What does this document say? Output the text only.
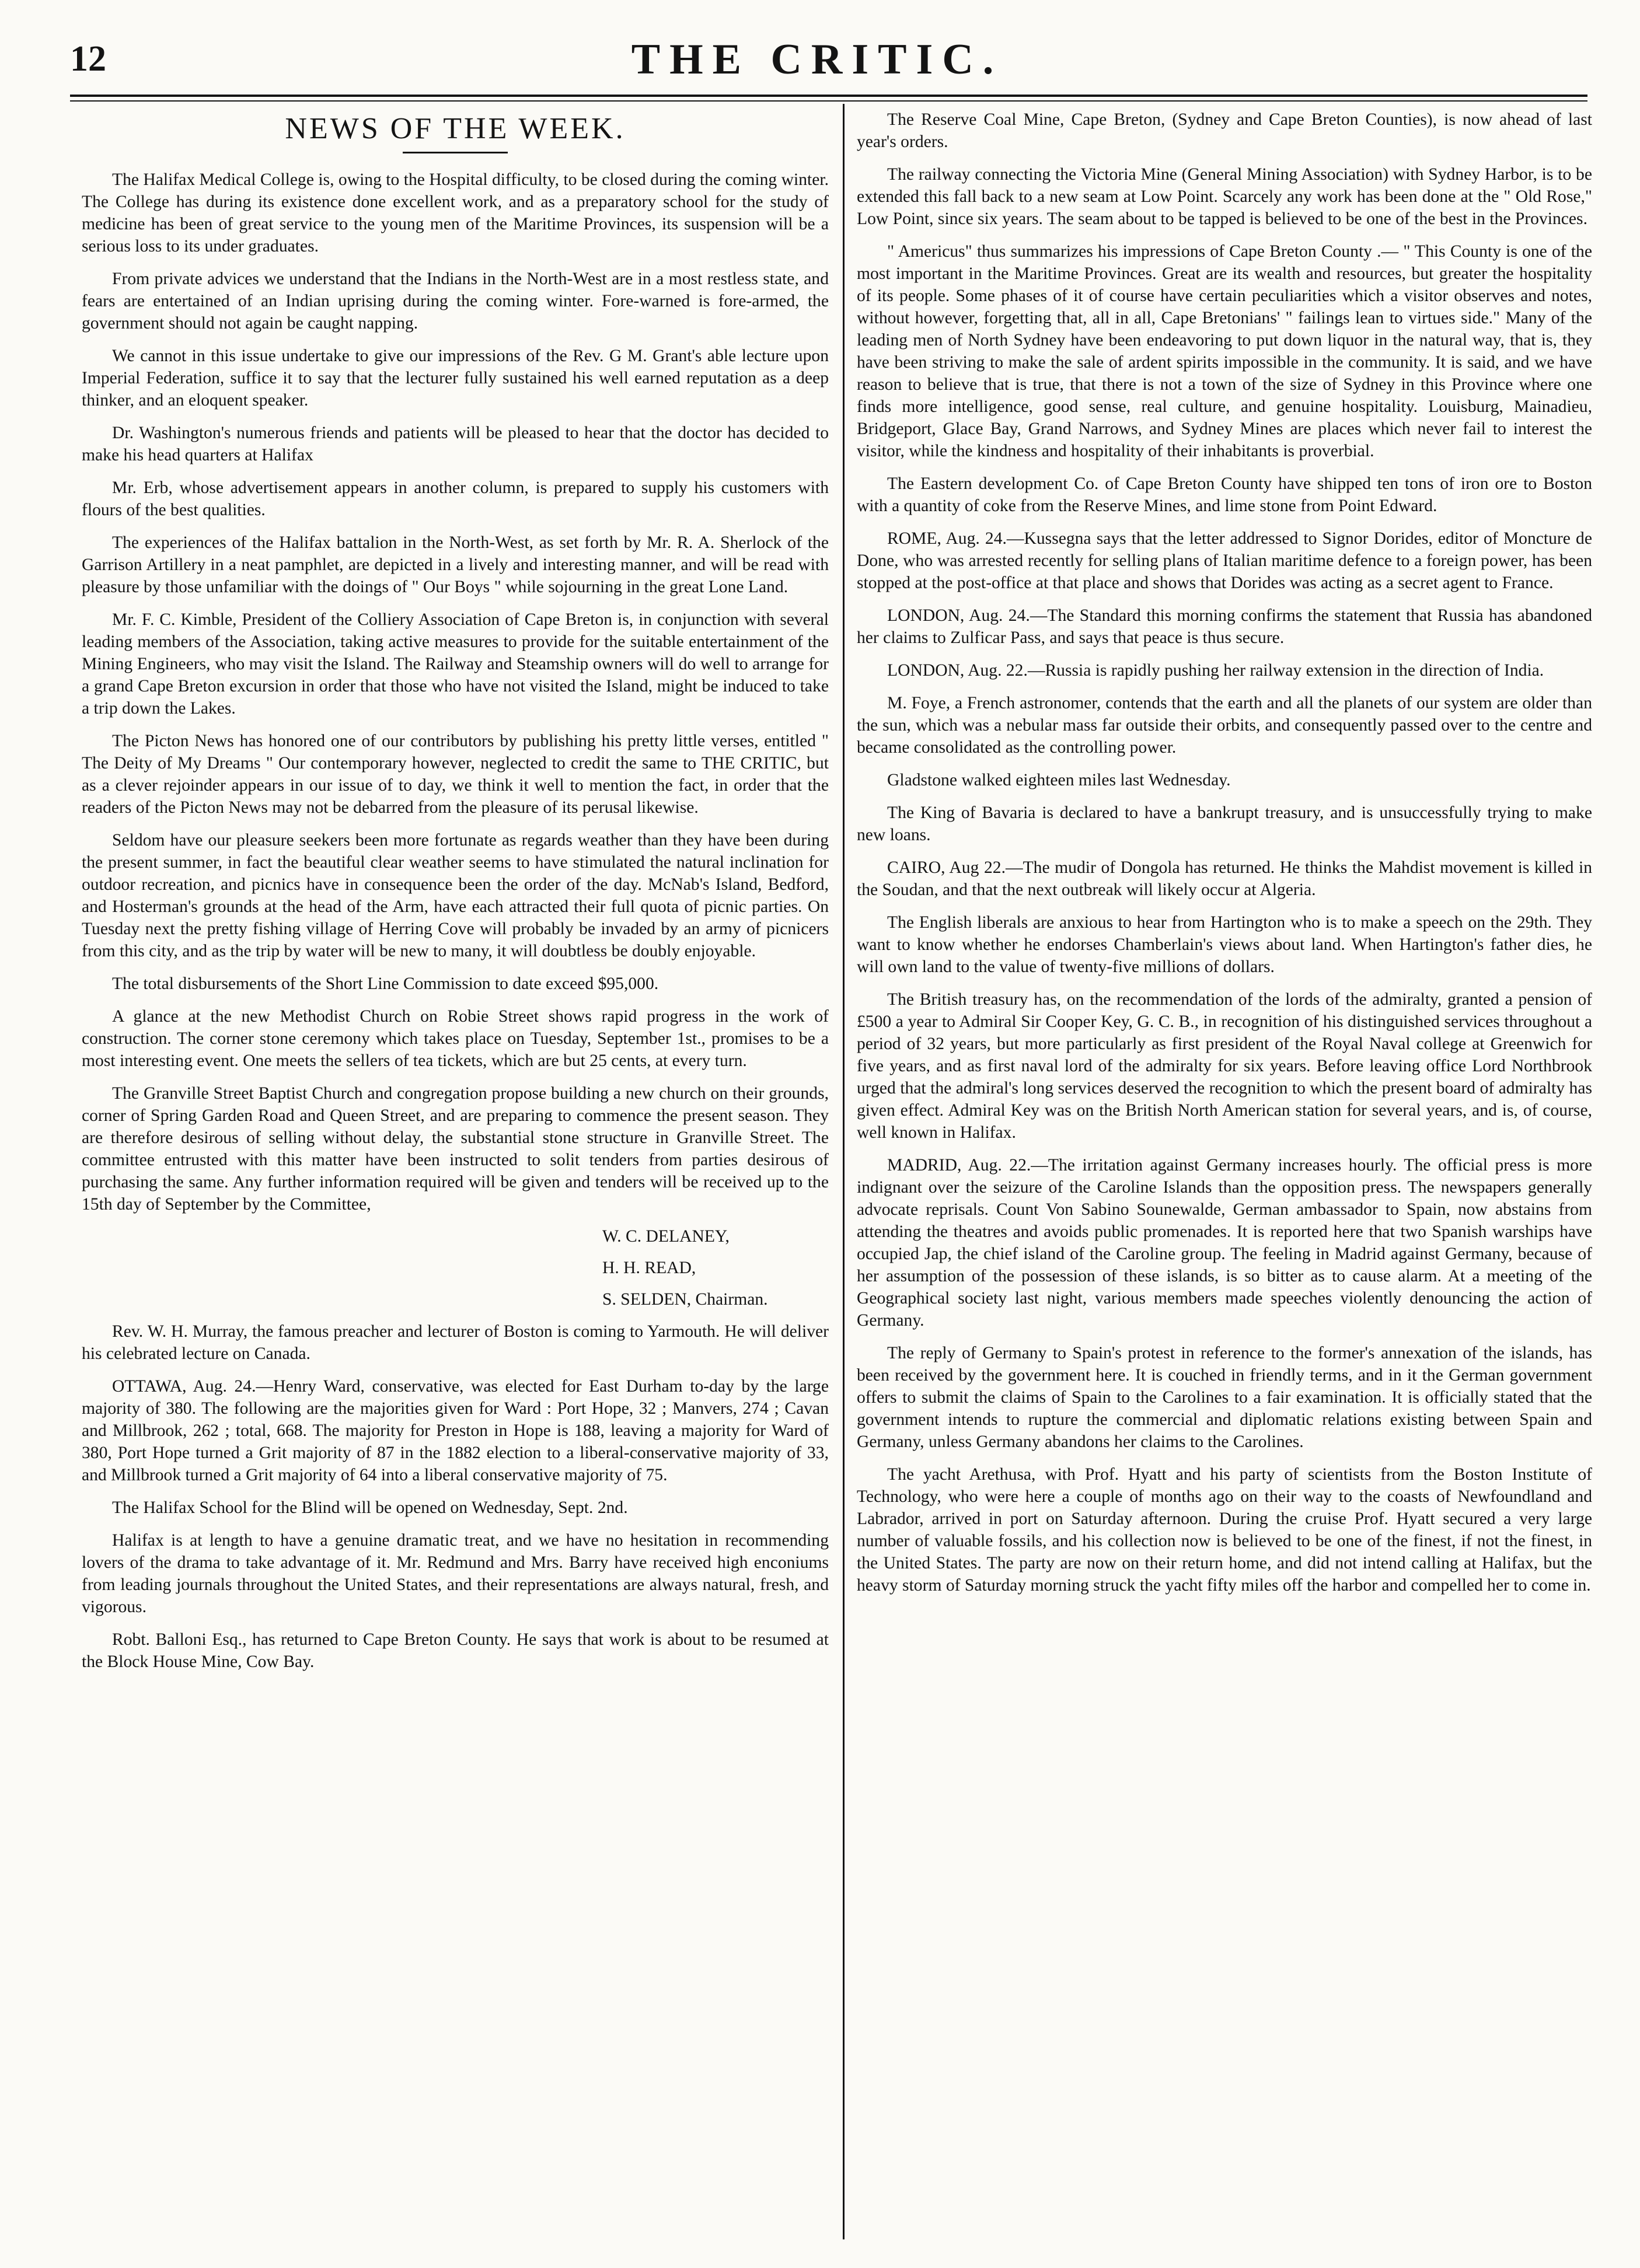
12	THE CRITIC.
NEWS OF THE WEEK.

The Halifax Medical College is, owing to the Hospital difficulty, to be closed during the coming winter. The College has during its existence done excellent work, and as a preparatory school for the study of medicine has been of great service to the young men of the Maritime Provinces, its suspension will be a serious loss to its under graduates.

From private advices we understand that the Indians in the North-West are in a most restless state, and fears are entertained of an Indian uprising during the coming winter. Fore-warned is fore-armed, the government should not again be caught napping.

We cannot in this issue undertake to give our impressions of the Rev. G M. Grant's able lecture upon Imperial Federation, suffice it to say that the lecturer fully sustained his well earned reputation as a deep thinker, and an eloquent speaker.

Dr. Washington's numerous friends and patients will be pleased to hear that the doctor has decided to make his head quarters at Halifax

Mr. Erb, whose advertisement appears in another column, is prepared to supply his customers with flours of the best qualities.

The experiences of the Halifax battalion in the North-West, as set forth by Mr. R. A. Sherlock of the Garrison Artillery in a neat pamphlet, are depicted in a lively and interesting manner, and will be read with pleasure by those unfamiliar with the doings of " Our Boys " while sojourning in the great Lone Land.

Mr. F. C. Kimble, President of the Colliery Association of Cape Breton is, in conjunction with several leading members of the Association, taking active measures to provide for the suitable entertainment of the Mining Engineers, who may visit the Island. The Railway and Steamship owners will do well to arrange for a grand Cape Breton excursion in order that those who have not visited the Island, might be induced to take a trip down the Lakes.

The Picton News has honored one of our contributors by publishing his pretty little verses, entitled " The Deity of My Dreams " Our contemporary however, neglected to credit the same to THE CRITIC, but as a clever rejoinder appears in our issue of to day, we think it well to mention the fact, in order that the readers of the Picton News may not be debarred from the pleasure of its perusal likewise.

Seldom have our pleasure seekers been more fortunate as regards weather than they have been during the present summer, in fact the beautiful clear weather seems to have stimulated the natural inclination for outdoor recreation, and picnics have in consequence been the order of the day. McNab's Island, Bedford, and Hosterman's grounds at the head of the Arm, have each attracted their full quota of picnic parties. On Tuesday next the pretty fishing village of Herring Cove will probably be invaded by an army of picnicers from this city, and as the trip by water will be new to many, it will doubtless be doubly enjoyable.

The total disbursements of the Short Line Commission to date exceed $95,000.

A glance at the new Methodist Church on Robie Street shows rapid progress in the work of construction. The corner stone ceremony which takes place on Tuesday, September 1st., promises to be a most interesting event. One meets the sellers of tea tickets, which are but 25 cents, at every turn.

The Granville Street Baptist Church and congregation propose building a new church on their grounds, corner of Spring Garden Road and Queen Street, and are preparing to commence the present season. They are therefore desirous of selling without delay, the substantial stone structure in Granville Street. The committee entrusted with this matter have been instructed to solit tenders from parties desirous of purchasing the same. Any further information required will be given and tenders will be received up to the 15th day of September by the Committee,

W. C. DELANEY,

H. H. READ,

S. SELDEN, Chairman.

Rev. W. H. Murray, the famous preacher and lecturer of Boston is coming to Yarmouth. He will deliver his celebrated lecture on Canada.

OTTAWA, Aug. 24.—Henry Ward, conservative, was elected for East Durham to-day by the large majority of 380. The following are the majorities given for Ward : Port Hope, 32 ; Manvers, 274 ; Cavan and Millbrook, 262 ; total, 668. The majority for Preston in Hope is 188, leaving a majority for Ward of 380, Port Hope turned a Grit majority of 87 in the 1882 election to a liberal-conservative majority of 33, and Millbrook turned a Grit majority of 64 into a liberal conservative majority of 75.

The Halifax School for the Blind will be opened on Wednesday, Sept. 2nd.

Halifax is at length to have a genuine dramatic treat, and we have no hesitation in recommending lovers of the drama to take advantage of it. Mr. Redmund and Mrs. Barry have received high enconiums from leading journals throughout the United States, and their representations are always natural, fresh, and vigorous.

Robt. Balloni Esq., has returned to Cape Breton County. He says that work is about to be resumed at the Block House Mine, Cow Bay.

The Reserve Coal Mine, Cape Breton, (Sydney and Cape Breton Counties), is now ahead of last year's orders.

The railway connecting the Victoria Mine (General Mining Association) with Sydney Harbor, is to be extended this fall back to a new seam at Low Point. Scarcely any work has been done at the " Old Rose," Low Point, since six years. The seam about to be tapped is believed to be one of the best in the Provinces.

" Americus" thus summarizes his impressions of Cape Breton County .— " This County is one of the most important in the Maritime Provinces. Great are its wealth and resources, but greater the hospitality of its people. Some phases of it of course have certain peculiarities which a visitor observes and notes, without however, forgetting that, all in all, Cape Bretonians' " failings lean to virtues side." Many of the leading men of North Sydney have been endeavoring to put down liquor in the natural way, that is, they have been striving to make the sale of ardent spirits impossible in the community. It is said, and we have reason to believe that is true, that there is not a town of the size of Sydney in this Province where one finds more intelligence, good sense, real culture, and genuine hospitality. Louisburg, Mainadieu, Bridgeport, Glace Bay, Grand Narrows, and Sydney Mines are places which never fail to interest the visitor, while the kindness and hospitality of their inhabitants is proverbial.

The Eastern development Co. of Cape Breton County have shipped ten tons of iron ore to Boston with a quantity of coke from the Reserve Mines, and lime stone from Point Edward.

ROME, Aug. 24.—Kussegna says that the letter addressed to Signor Dorides, editor of Moncture de Done, who was arrested recently for selling plans of Italian maritime defence to a foreign power, has been stopped at the post-office at that place and shows that Dorides was acting as a secret agent to France.

LONDON, Aug. 24.—The Standard this morning confirms the statement that Russia has abandoned her claims to Zulficar Pass, and says that peace is thus secure.

LONDON, Aug. 22.—Russia is rapidly pushing her railway extension in the direction of India.

M. Foye, a French astronomer, contends that the earth and all the planets of our system are older than the sun, which was a nebular mass far outside their orbits, and consequently passed over to the centre and became consolidated as the controlling power.

Gladstone walked eighteen miles last Wednesday.

The King of Bavaria is declared to have a bankrupt treasury, and is unsuccessfully trying to make new loans.

CAIRO, Aug 22.—The mudir of Dongola has returned. He thinks the Mahdist movement is killed in the Soudan, and that the next outbreak will likely occur at Algeria.

The English liberals are anxious to hear from Hartington who is to make a speech on the 29th. They want to know whether he endorses Chamberlain's views about land. When Hartington's father dies, he will own land to the value of twenty-five millions of dollars.

The British treasury has, on the recommendation of the lords of the admiralty, granted a pension of £500 a year to Admiral Sir Cooper Key, G. C. B., in recognition of his distinguished services throughout a period of 32 years, but more particularly as first president of the Royal Naval college at Greenwich for five years, and as first naval lord of the admiralty for six years. Before leaving office Lord Northbrook urged that the admiral's long services deserved the recognition to which the present board of admiralty has given effect. Admiral Key was on the British North American station for several years, and is, of course, well known in Halifax.

MADRID, Aug. 22.—The irritation against Germany increases hourly. The official press is more indignant over the seizure of the Caroline Islands than the opposition press. The newspapers generally advocate reprisals. Count Von Sabino Sounewalde, German ambassador to Spain, now abstains from attending the theatres and avoids public promenades. It is reported here that two Spanish warships have occupied Jap, the chief island of the Caroline group. The feeling in Madrid against Germany, because of her assumption of the possession of these islands, is so bitter as to cause alarm. At a meeting of the Geographical society last night, various members made speeches violently denouncing the action of Germany.

The reply of Germany to Spain's protest in reference to the former's annexation of the islands, has been received by the government here. It is couched in friendly terms, and in it the German government offers to submit the claims of Spain to the Carolines to a fair examination. It is officially stated that the government intends to rupture the commercial and diplomatic relations existing between Spain and Germany, unless Germany abandons her claims to the Carolines.

The yacht Arethusa, with Prof. Hyatt and his party of scientists from the Boston Institute of Technology, who were here a couple of months ago on their way to the coasts of Newfoundland and Labrador, arrived in port on Saturday afternoon. During the cruise Prof. Hyatt secured a very large number of valuable fossils, and his collection now is believed to be one of the finest, if not the finest, in the United States. The party are now on their return home, and did not intend calling at Halifax, but the heavy storm of Saturday morning struck the yacht fifty miles off the harbor and compelled her to come in.
